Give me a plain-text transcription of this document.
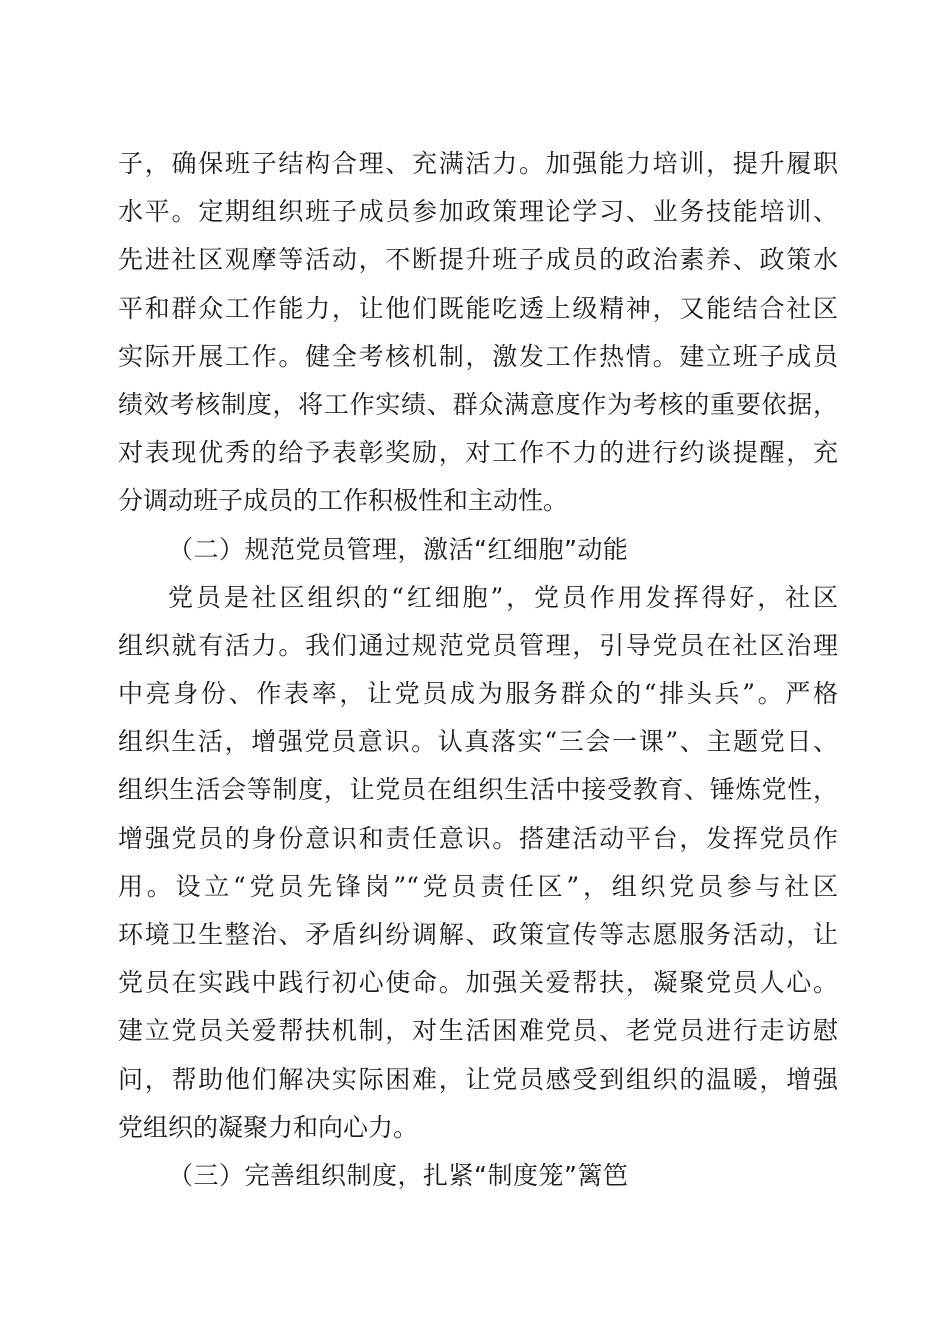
子，确保班子结构合理、充满活力。加强能力培训，提升履职
水平。定期组织班子成员参加政策理论学习、业务技能培训、
先进社区观摩等活动，不断提升班子成员的政治素养、政策水
平和群众工作能力，让他们既能吃透上级精神，又能结合社区
实际开展工作。健全考核机制，激发工作热情。建立班子成员
绩效考核制度，将工作实绩、群众满意度作为考核的重要依据，
对表现优秀的给予表彰奖励，对工作不力的进行约谈提醒，充
分调动班子成员的工作积极性和主动性。
（二）规范党员管理，激活“红细胞”动能
党员是社区组织的“红细胞”，党员作用发挥得好，社区
组织就有活力。我们通过规范党员管理，引导党员在社区治理
中亮身份、作表率，让党员成为服务群众的“排头兵”。严格
组织生活，增强党员意识。认真落实“三会一课”、主题党日、
组织生活会等制度，让党员在组织生活中接受教育、锤炼党性，
增强党员的身份意识和责任意识。搭建活动平台，发挥党员作
用。设立“党员先锋岗”“党员责任区”，组织党员参与社区
环境卫生整治、矛盾纠纷调解、政策宣传等志愿服务活动，让
党员在实践中践行初心使命。加强关爱帮扶，凝聚党员人心。
建立党员关爱帮扶机制，对生活困难党员、老党员进行走访慰
问，帮助他们解决实际困难，让党员感受到组织的温暖，增强
党组织的凝聚力和向心力。
（三）完善组织制度，扎紧“制度笼”篱笆
